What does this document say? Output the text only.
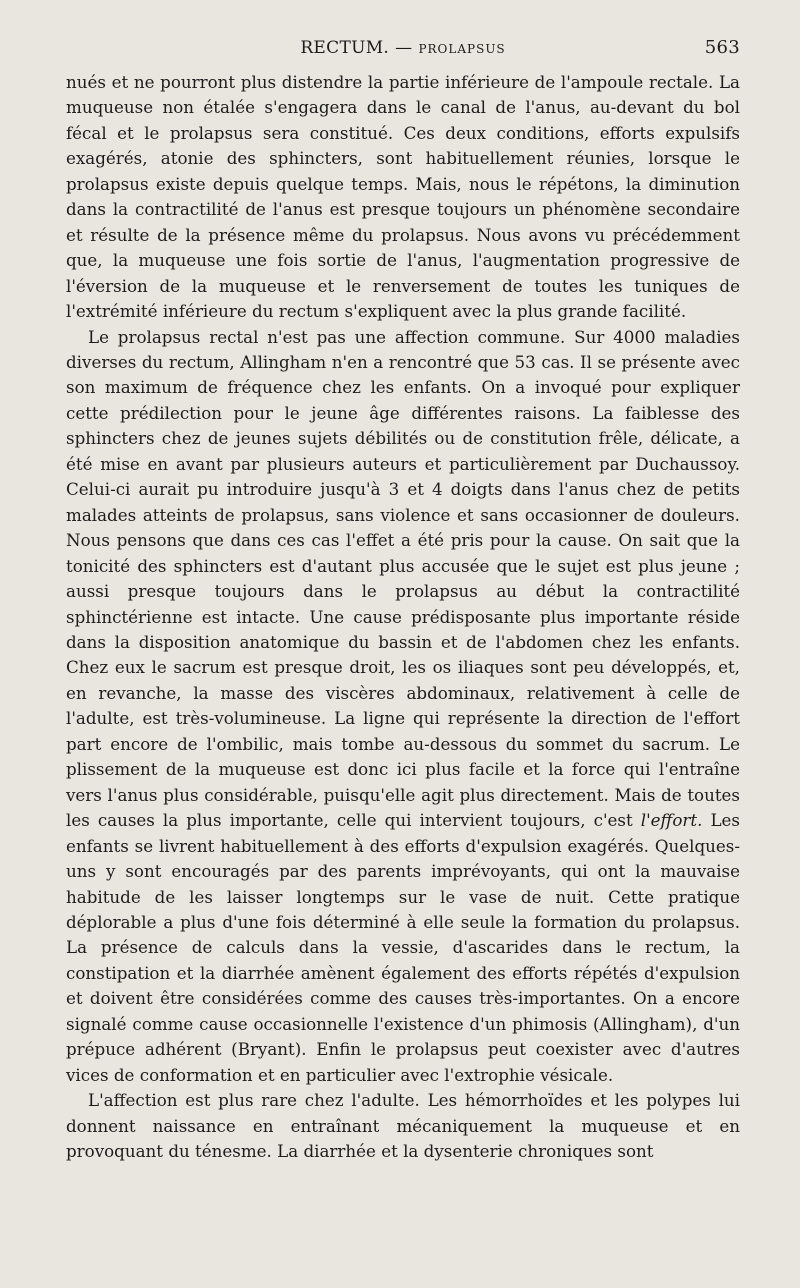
RECTUM. — PROLAPSUS	563

nués et ne pourront plus distendre la partie inférieure de l'ampoule rectale. La muqueuse non étalée s'engagera dans le canal de l'anus, au-devant du bol fécal et le prolapsus sera constitué. Ces deux conditions, efforts expulsifs exagérés, atonie des sphincters, sont habituellement réunies, lorsque le prolapsus existe depuis quelque temps. Mais, nous le répétons, la diminution dans la contractilité de l'anus est presque toujours un phénomène secondaire et résulte de la présence même du prolapsus. Nous avons vu précédemment que, la muqueuse une fois sortie de l'anus, l'augmentation progressive de l'éversion de la muqueuse et le renversement de toutes les tuniques de l'extrémité inférieure du rectum s'expliquent avec la plus grande facilité.

Le prolapsus rectal n'est pas une affection commune. Sur 4000 maladies diverses du rectum, Allingham n'en a rencontré que 53 cas. Il se présente avec son maximum de fréquence chez les enfants. On a invoqué pour expliquer cette prédilection pour le jeune âge différentes raisons. La faiblesse des sphincters chez de jeunes sujets débilités ou de constitution frêle, délicate, a été mise en avant par plusieurs auteurs et particulièrement par Duchaussoy. Celui-ci aurait pu introduire jusqu'à 3 et 4 doigts dans l'anus chez de petits malades atteints de prolapsus, sans violence et sans occasionner de douleurs. Nous pensons que dans ces cas l'effet a été pris pour la cause. On sait que la tonicité des sphincters est d'autant plus accusée que le sujet est plus jeune ; aussi presque toujours dans le prolapsus au début la contractilité sphinctérienne est intacte. Une cause prédisposante plus importante réside dans la disposition anatomique du bassin et de l'abdomen chez les enfants. Chez eux le sacrum est presque droit, les os iliaques sont peu développés, et, en revanche, la masse des viscères abdominaux, relativement à celle de l'adulte, est très-volumineuse. La ligne qui représente la direction de l'effort part encore de l'ombilic, mais tombe au-dessous du sommet du sacrum. Le plissement de la muqueuse est donc ici plus facile et la force qui l'entraîne vers l'anus plus considérable, puisqu'elle agit plus directement. Mais de toutes les causes la plus importante, celle qui intervient toujours, c'est l'effort. Les enfants se livrent habituellement à des efforts d'expulsion exagérés. Quelques-uns y sont encouragés par des parents imprévoyants, qui ont la mauvaise habitude de les laisser longtemps sur le vase de nuit. Cette pratique déplorable a plus d'une fois déterminé à elle seule la formation du prolapsus. La présence de calculs dans la vessie, d'ascarides dans le rectum, la constipation et la diarrhée amènent également des efforts répétés d'expulsion et doivent être considérées comme des causes très-importantes. On a encore signalé comme cause occasionnelle l'existence d'un phimosis (Allingham), d'un prépuce adhérent (Bryant). Enfin le prolapsus peut coexister avec d'autres vices de conformation et en particulier avec l'extrophie vésicale.

L'affection est plus rare chez l'adulte. Les hémorrhoïdes et les polypes lui donnent naissance en entraînant mécaniquement la muqueuse et en provoquant du ténesme. La diarrhée et la dysenterie chroniques sont
